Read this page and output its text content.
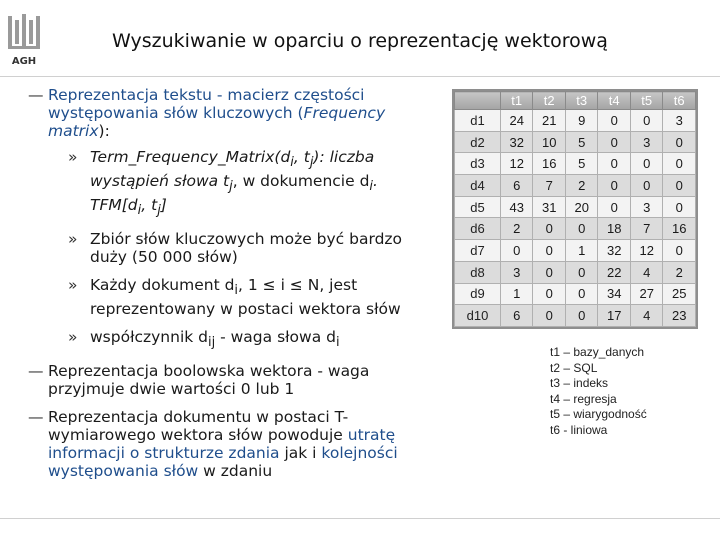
AGH
Wyszukiwanie w oparciu o reprezentację wektorową
— Reprezentacja tekstu - macierz częstości występowania słów kluczowych (Frequency matrix):
» $Term\_Frequency\_Matrix(d_i$, $t_j$): liczba wystąpień słowa $t_j$, w dokumencie $d_i$. $TFM[d_i$, $t_j$]
» Zbiór słów kluczowych może być bardzo duży (50 000 słów)
» Każdy dokument $d_i$, 1 ≤ i ≤ N, jest reprezentowany w postaci wektora słów
» współczynnik $d_{ij}$ - waga słowa $d_i$
— Reprezentacja boolowska wektora - waga przyjmuje dwie wartości 0 lub 1
— Reprezentacja dokumentu w postaci T-wymiarowego wektora słów powoduje utratę informacji o strukturze zdania jak i kolejności występowania słów w zdaniu
	t1	t2	t3	t4	t5	t6
d1	24	21	9	0	0	3
d2	32	10	5	0	3	0
d3	12	16	5	0	0	0
d4	6	7	2	0	0	0
d5	43	31	20	0	3	0
d6	2	0	0	18	7	16
d7	0	0	1	32	12	0
d8	3	0	0	22	4	2
d9	1	0	0	34	27	25
d10	6	0	0	17	4	23
t1 – bazy_danych
t2 – SQL
t3 – indeks
t4 – regresja
t5 – wiarygodność
t6 - liniowa
